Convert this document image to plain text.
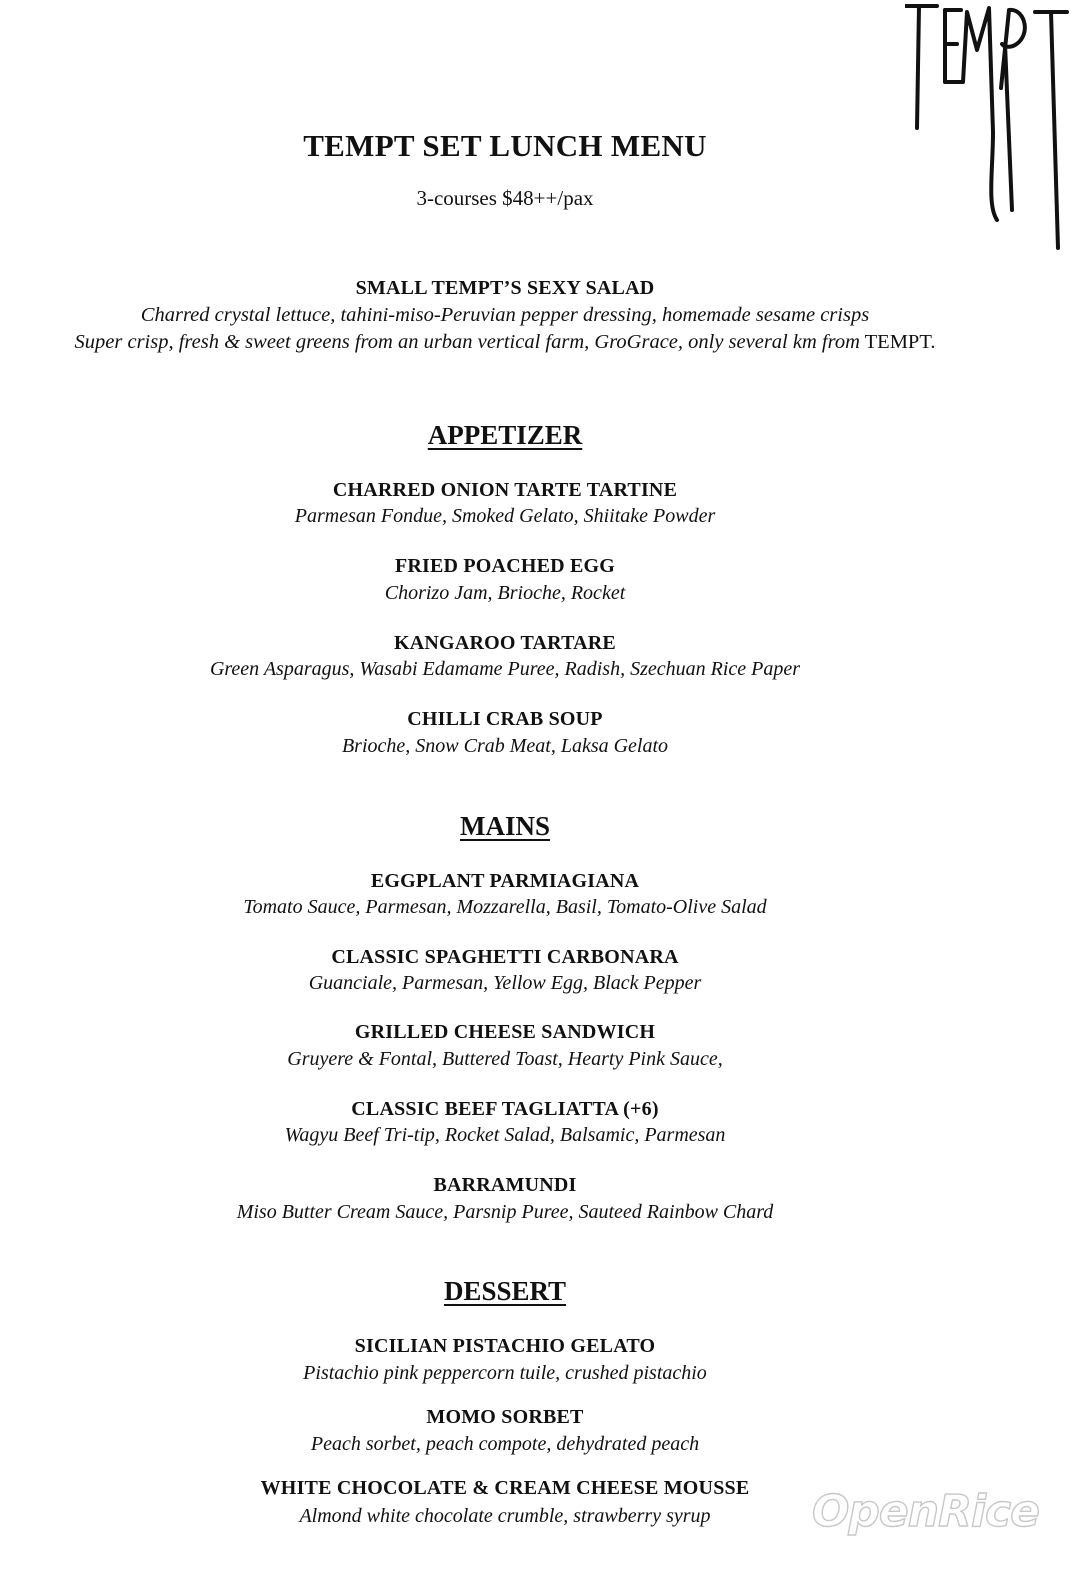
TEMPT SET LUNCH MENU
3-courses $48++/pax
SMALL TEMPT’S SEXY SALAD
Charred crystal lettuce, tahini-miso-Peruvian pepper dressing, homemade sesame crisps
Super crisp, fresh & sweet greens from an urban vertical farm, GroGrace, only several km from TEMPT.
APPETIZER
CHARRED ONION TARTE TARTINE
Parmesan Fondue, Smoked Gelato, Shiitake Powder
FRIED POACHED EGG
Chorizo Jam, Brioche, Rocket
KANGAROO TARTARE
Green Asparagus, Wasabi Edamame Puree, Radish, Szechuan Rice Paper
CHILLI CRAB SOUP
Brioche, Snow Crab Meat, Laksa Gelato
MAINS
EGGPLANT PARMIAGIANA
Tomato Sauce, Parmesan, Mozzarella, Basil, Tomato-Olive Salad
CLASSIC SPAGHETTI CARBONARA
Guanciale, Parmesan, Yellow Egg, Black Pepper
GRILLED CHEESE SANDWICH
Gruyere & Fontal, Buttered Toast, Hearty Pink Sauce,
CLASSIC BEEF TAGLIATTA (+6)
Wagyu Beef Tri-tip, Rocket Salad, Balsamic, Parmesan
BARRAMUNDI
Miso Butter Cream Sauce, Parsnip Puree, Sauteed Rainbow Chard
DESSERT
SICILIAN PISTACHIO GELATO
Pistachio pink peppercorn tuile, crushed pistachio
MOMO SORBET
Peach sorbet, peach compote, dehydrated peach
WHITE CHOCOLATE & CREAM CHEESE MOUSSE
Almond white chocolate crumble, strawberry syrup	OpenRice
